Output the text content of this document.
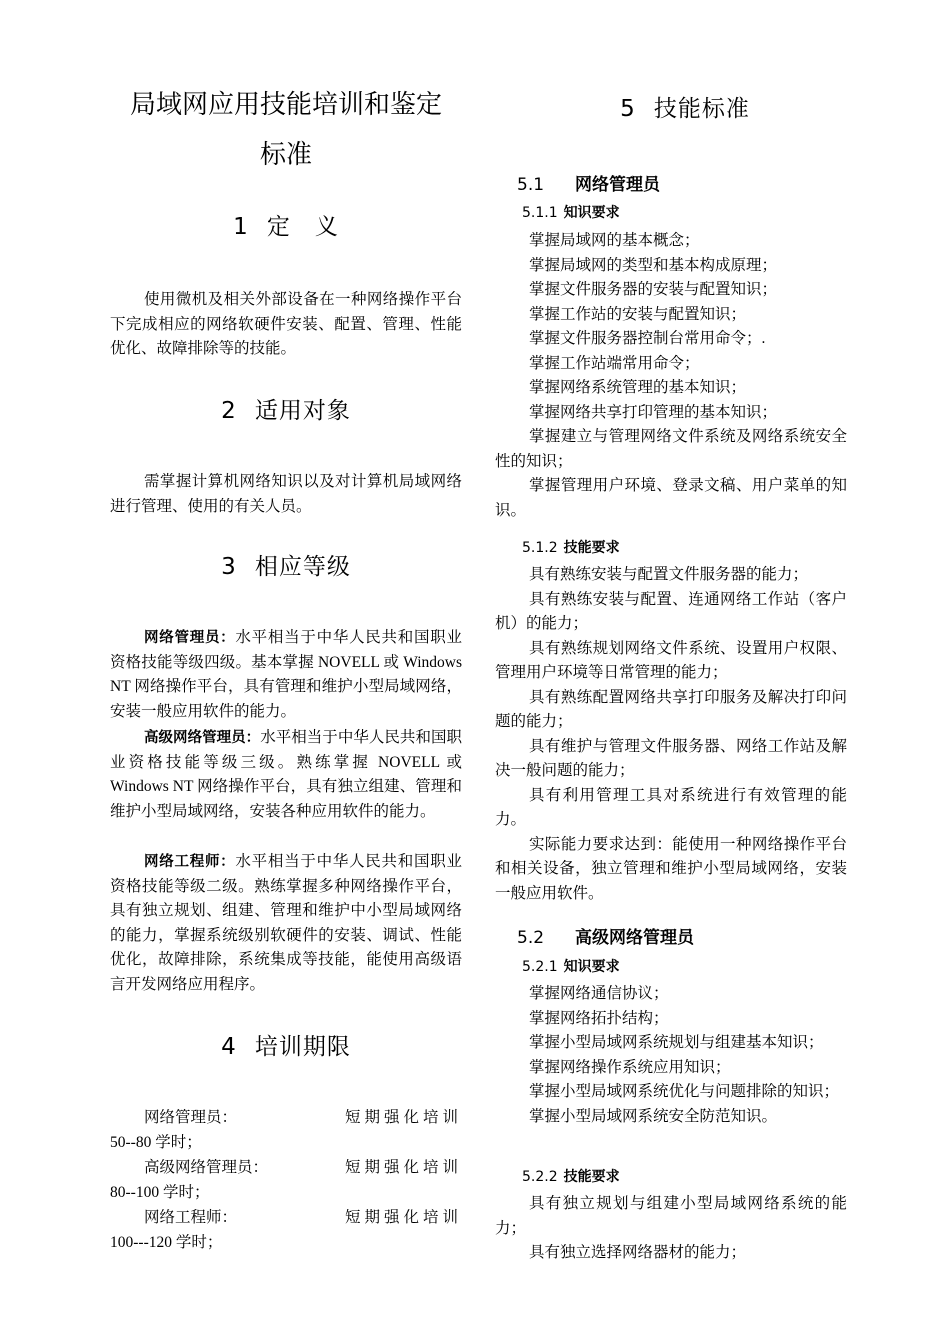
局域网应用技能培训和鉴定
标准
1 定　义

使用微机及相关外部设备在一种网络操作平台下完成相应的网络软硬件安装、配置、管理、性能优化、故障排除等的技能。

2 适用对象

需掌握计算机网络知识以及对计算机局域网络进行管理、使用的有关人员。

3 相应等级

网络管理员：水平相当于中华人民共和国职业资格技能等级四级。基本掌握 NOVELL 或 Windows NT 网络操作平台，具有管理和维护小型局域网络，安装一般应用软件的能力。

高级网络管理员：水平相当于中华人民共和国职业资格技能等级三级。熟练掌握 NOVELL 或 Windows NT 网络操作平台，具有独立组建、管理和维护小型局域网络，安装各种应用软件的能力。

网络工程师：水平相当于中华人民共和国职业资格技能等级二级。熟练掌握多种网络操作平台，具有独立规划、组建、管理和维护中小型局域网络的能力，掌握系统级别软硬件的安装、调试、性能优化，故障排除，系统集成等技能，能使用高级语言开发网络应用程序。

4 培训期限
网络管理员：	短期强化培训
50--80 学时；
高级网络管理员：	短期强化培训
80--100 学时；
网络工程师：	短期强化培训
100---120 学时；
5 技能标准
5.1 网络管理员
5.1.1 知识要求
掌握局域网的基本概念；
掌握局域网的类型和基本构成原理；
掌握文件服务器的安装与配置知识；
掌握工作站的安装与配置知识；
掌握文件服务器控制台常用命令；.
掌握工作站端常用命令；
掌握网络系统管理的基本知识；
掌握网络共享打印管理的基本知识；
掌握建立与管理网络文件系统及网络系统安全性的知识；
掌握管理用户环境、登录文稿、用户菜单的知识。
5.1.2 技能要求
具有熟练安装与配置文件服务器的能力；
具有熟练安装与配置、连通网络工作站（客户机）的能力；
具有熟练规划网络文件系统、设置用户权限、管理用户环境等日常管理的能力；
具有熟练配置网络共享打印服务及解决打印问题的能力；
具有维护与管理文件服务器、网络工作站及解决一般问题的能力；
具有利用管理工具对系统进行有效管理的能力。
实际能力要求达到：能使用一种网络操作平台和相关设备，独立管理和维护小型局域网络，安装一般应用软件。
5.2 高级网络管理员
5.2.1 知识要求
掌握网络通信协议；
掌握网络拓扑结构；
掌握小型局域网系统规划与组建基本知识；
掌握网络操作系统应用知识；
掌握小型局域网系统优化与问题排除的知识；
掌握小型局域网系统安全防范知识。
5.2.2 技能要求
具有独立规划与组建小型局域网络系统的能力；
具有独立选择网络器材的能力；
